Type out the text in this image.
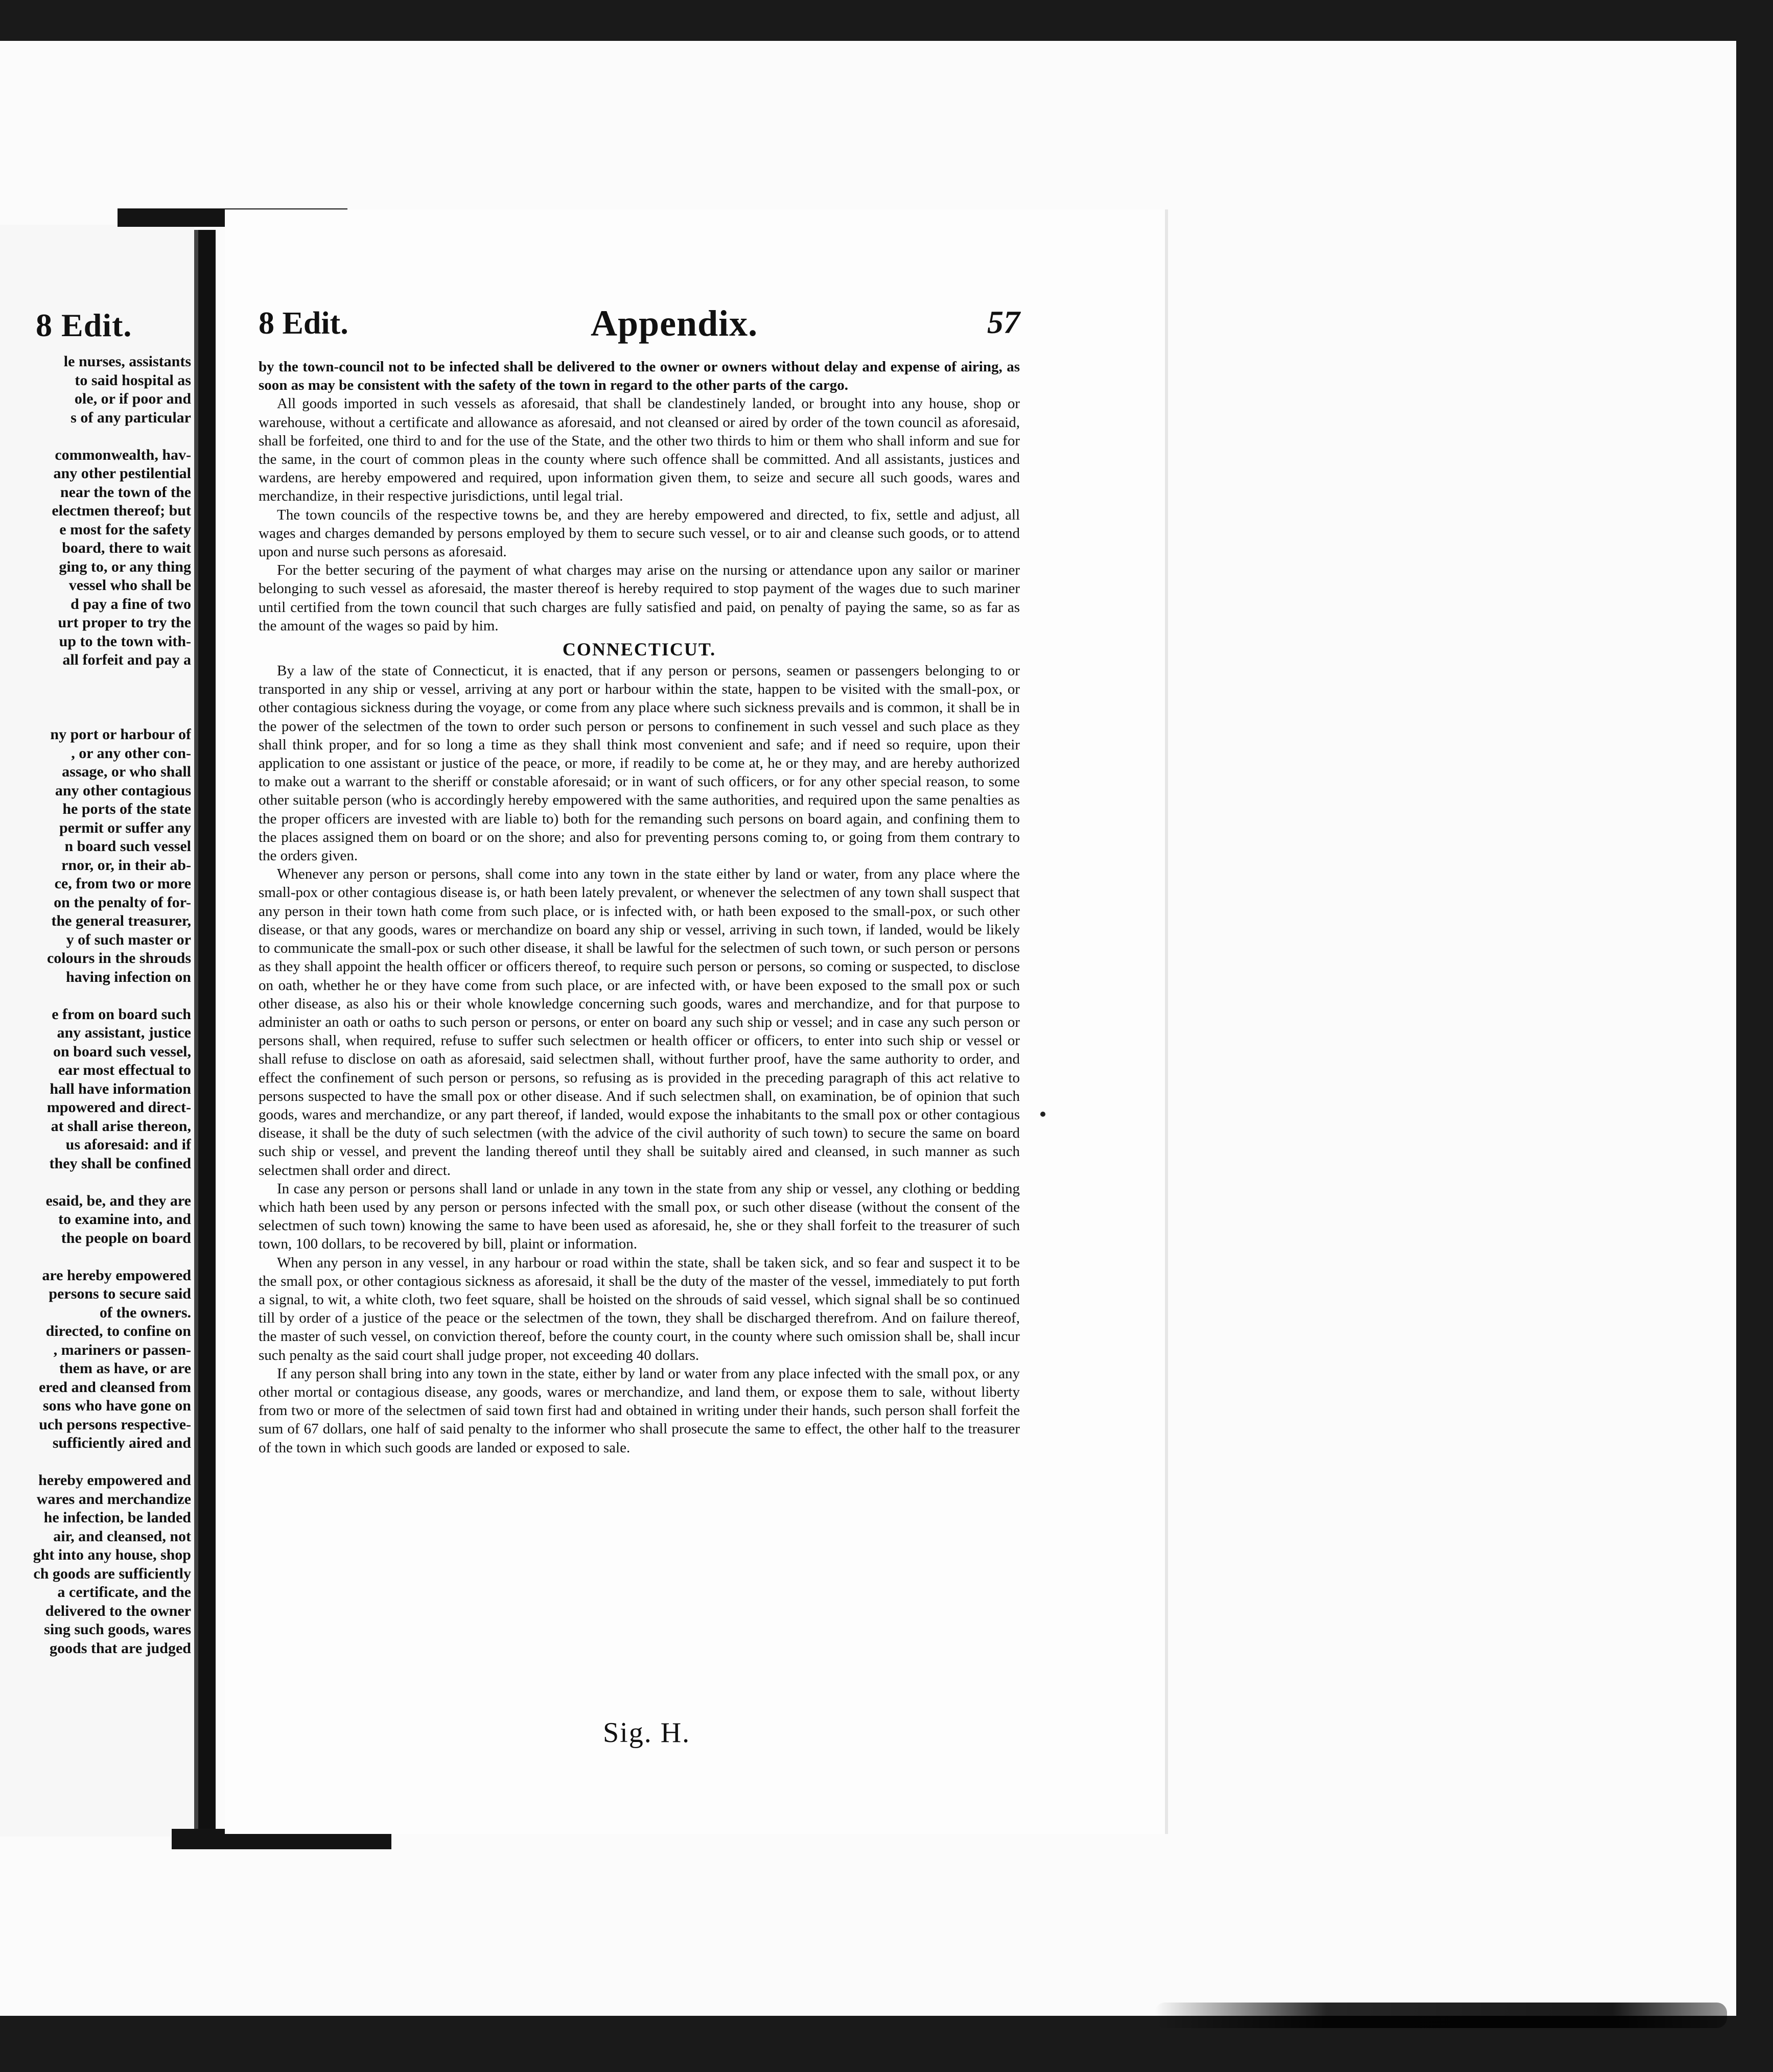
8 Edit.
le nurses, assistants
to said hospital as
ole, or if poor and
s of any particular

commonwealth, hav-
any other pestilential
near the town of the
electmen thereof; but
e most for the safety
board, there to wait
ging to, or any thing
vessel who shall be
d pay a fine of two
urt proper to try the
up to the town with-
all forfeit and pay a

ny port or harbour of
, or any other con-
assage, or who shall
any other contagious
he ports of the state
permit or suffer any
n board such vessel
rnor, or, in their ab-
ce, from two or more
on the penalty of for-
the general treasurer,
y of such master or
colours in the shrouds
having infection on

e from on board such
any assistant, justice
on board such vessel,
ear most effectual to
hall have information
mpowered and direct-
at shall arise thereon,
us aforesaid: and if
they shall be confined

esaid, be, and they are
to examine into, and
the people on board

are hereby empowered
persons to secure said
of the owners.
directed, to confine on
, mariners or passen-
them as have, or are
ered and cleansed from
sons who have gone on
uch persons respective-
sufficiently aired and

hereby empowered and
wares and merchandize
he infection, be landed
air, and cleansed, not
ght into any house, shop
ch goods are sufficiently
a certificate, and the
delivered to the owner
sing such goods, wares
goods that are judged
8 Edit.	Appendix.	57

by the town-council not to be infected shall be delivered to the owner or owners without delay and expense of airing, as soon as may be consistent with the safety of the town in regard to the other parts of the cargo.

All goods imported in such vessels as aforesaid, that shall be clandestinely landed, or brought into any house, shop or warehouse, without a certificate and allowance as aforesaid, and not cleansed or aired by order of the town council as aforesaid, shall be forfeited, one third to and for the use of the State, and the other two thirds to him or them who shall inform and sue for the same, in the court of common pleas in the county where such offence shall be committed. And all assistants, justices and wardens, are hereby empowered and required, upon information given them, to seize and secure all such goods, wares and merchandize, in their respective jurisdictions, until legal trial.

The town councils of the respective towns be, and they are hereby empowered and directed, to fix, settle and adjust, all wages and charges demanded by persons employed by them to secure such vessel, or to air and cleanse such goods, or to attend upon and nurse such persons as aforesaid.

For the better securing of the payment of what charges may arise on the nursing or attendance upon any sailor or mariner belonging to such vessel as aforesaid, the master thereof is hereby required to stop payment of the wages due to such mariner until certified from the town council that such charges are fully satisfied and paid, on penalty of paying the same, so as far as the amount of the wages so paid by him.

CONNECTICUT.

By a law of the state of Connecticut, it is enacted, that if any person or persons, seamen or passengers belonging to or transported in any ship or vessel, arriving at any port or harbour within the state, happen to be visited with the small-pox, or other contagious sickness during the voyage, or come from any place where such sickness prevails and is common, it shall be in the power of the selectmen of the town to order such person or persons to confinement in such vessel and such place as they shall think proper, and for so long a time as they shall think most convenient and safe; and if need so require, upon their application to one assistant or justice of the peace, or more, if readily to be come at, he or they may, and are hereby authorized to make out a warrant to the sheriff or constable aforesaid; or in want of such officers, or for any other special reason, to some other suitable person (who is accordingly hereby empowered with the same authorities, and required upon the same penalties as the proper officers are invested with are liable to) both for the remanding such persons on board again, and confining them to the places assigned them on board or on the shore; and also for preventing persons coming to, or going from them contrary to the orders given.

Whenever any person or persons, shall come into any town in the state either by land or water, from any place where the small-pox or other contagious disease is, or hath been lately prevalent, or whenever the selectmen of any town shall suspect that any person in their town hath come from such place, or is infected with, or hath been exposed to the small-pox, or such other disease, or that any goods, wares or merchandize on board any ship or vessel, arriving in such town, if landed, would be likely to communicate the small-pox or such other disease, it shall be lawful for the selectmen of such town, or such person or persons as they shall appoint the health officer or officers thereof, to require such person or persons, so coming or suspected, to disclose on oath, whether he or they have come from such place, or are infected with, or have been exposed to the small pox or such other disease, as also his or their whole knowledge concerning such goods, wares and merchandize, and for that purpose to administer an oath or oaths to such person or persons, or enter on board any such ship or vessel; and in case any such person or persons shall, when required, refuse to suffer such selectmen or health officer or officers, to enter into such ship or vessel or shall refuse to disclose on oath as aforesaid, said selectmen shall, without further proof, have the same authority to order, and effect the confinement of such person or persons, so refusing as is provided in the preceding paragraph of this act relative to persons suspected to have the small pox or other disease. And if such selectmen shall, on examination, be of opinion that such goods, wares and merchandize, or any part thereof, if landed, would expose the inhabitants to the small pox or other contagious disease, it shall be the duty of such selectmen (with the advice of the civil authority of such town) to secure the same on board such ship or vessel, and prevent the landing thereof until they shall be suitably aired and cleansed, in such manner as such selectmen shall order and direct.

In case any person or persons shall land or unlade in any town in the state from any ship or vessel, any clothing or bedding which hath been used by any person or persons infected with the small pox, or such other disease (without the consent of the selectmen of such town) knowing the same to have been used as aforesaid, he, she or they shall forfeit to the treasurer of such town, 100 dollars, to be recovered by bill, plaint or information.

When any person in any vessel, in any harbour or road within the state, shall be taken sick, and so fear and suspect it to be the small pox, or other contagious sickness as aforesaid, it shall be the duty of the master of the vessel, immediately to put forth a signal, to wit, a white cloth, two feet square, shall be hoisted on the shrouds of said vessel, which signal shall be so continued till by order of a justice of the peace or the selectmen of the town, they shall be discharged therefrom. And on failure thereof, the master of such vessel, on conviction thereof, before the county court, in the county where such omission shall be, shall incur such penalty as the said court shall judge proper, not exceeding 40 dollars.

If any person shall bring into any town in the state, either by land or water from any place infected with the small pox, or any other mortal or contagious disease, any goods, wares or merchandize, and land them, or expose them to sale, without liberty from two or more of the selectmen of said town first had and obtained in writing under their hands, such person shall forfeit the sum of 67 dollars, one half of said penalty to the informer who shall prosecute the same to effect, the other half to the treasurer of the town in which such goods are landed or exposed to sale.

Sig. H.
